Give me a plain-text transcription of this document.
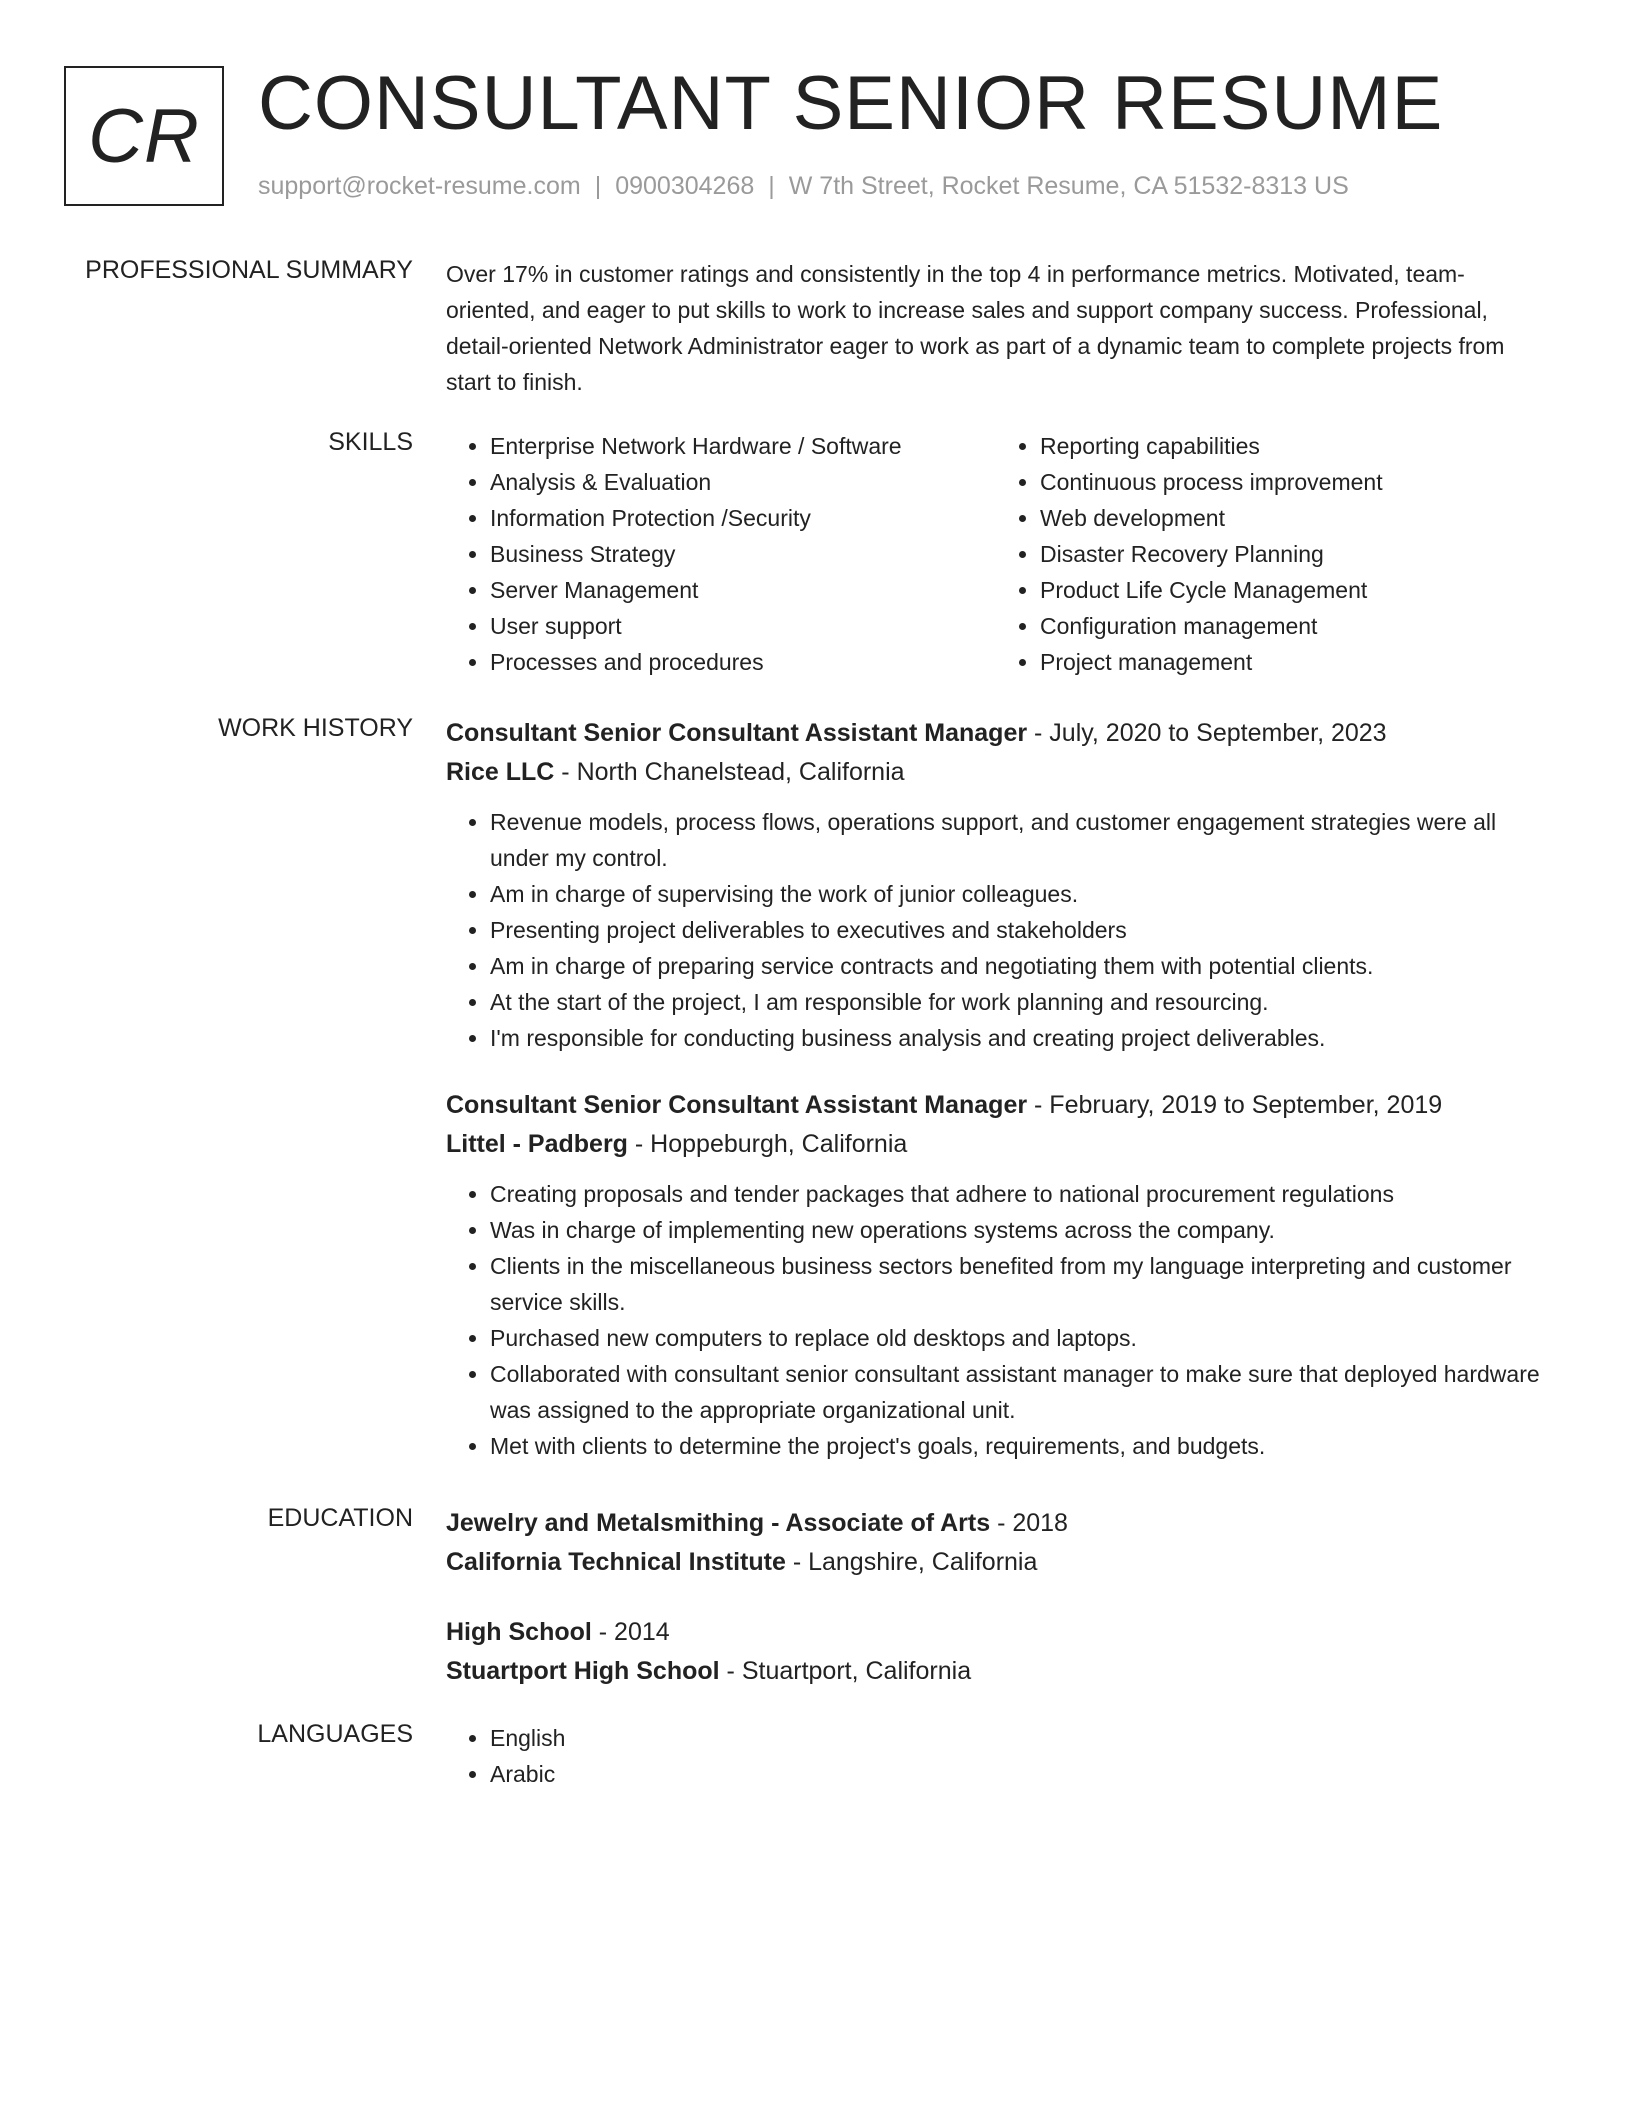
CR CONSULTANT SENIOR RESUME
support@rocket-resume.com | 0900304268 | W 7th Street, Rocket Resume, CA 51532-8313 US
PROFESSIONAL SUMMARY Over 17% in customer ratings and consistently in the top 4 in performance metrics. Motivated, team-oriented, and eager to put skills to work to increase sales and support company success. Professional, detail-oriented Network Administrator eager to work as part of a dynamic team to complete projects from start to finish.

SKILLS	• Enterprise Network Hardware / Software
• Analysis & Evaluation
• Information Protection /Security
• Business Strategy
• Server Management
• User support
• Processes and procedures
• Reporting capabilities
• Continuous process improvement
• Web development
• Disaster Recovery Planning
• Product Life Cycle Management
• Configuration management
• Project management
WORK HISTORY Consultant Senior Consultant Assistant Manager - July, 2020 to September, 2023
Rice LLC - North Chanelstead, California
• Revenue models, process flows, operations support, and customer engagement strategies were all under my control.
• Am in charge of supervising the work of junior colleagues.
• Presenting project deliverables to executives and stakeholders
• Am in charge of preparing service contracts and negotiating them with potential clients.
• At the start of the project, I am responsible for work planning and resourcing.
• I'm responsible for conducting business analysis and creating project deliverables.
Consultant Senior Consultant Assistant Manager - February, 2019 to September, 2019
Littel - Padberg - Hoppeburgh, California
• Creating proposals and tender packages that adhere to national procurement regulations
• Was in charge of implementing new operations systems across the company.
• Clients in the miscellaneous business sectors benefited from my language interpreting and customer service skills.
• Purchased new computers to replace old desktops and laptops.
• Collaborated with consultant senior consultant assistant manager to make sure that deployed hardware was assigned to the appropriate organizational unit.
• Met with clients to determine the project's goals, requirements, and budgets.
EDUCATION Jewelry and Metalsmithing - Associate of Arts - 2018
California Technical Institute - Langshire, California
High School - 2014
Stuartport High School - Stuartport, California
LANGUAGES	• English
• Arabic
